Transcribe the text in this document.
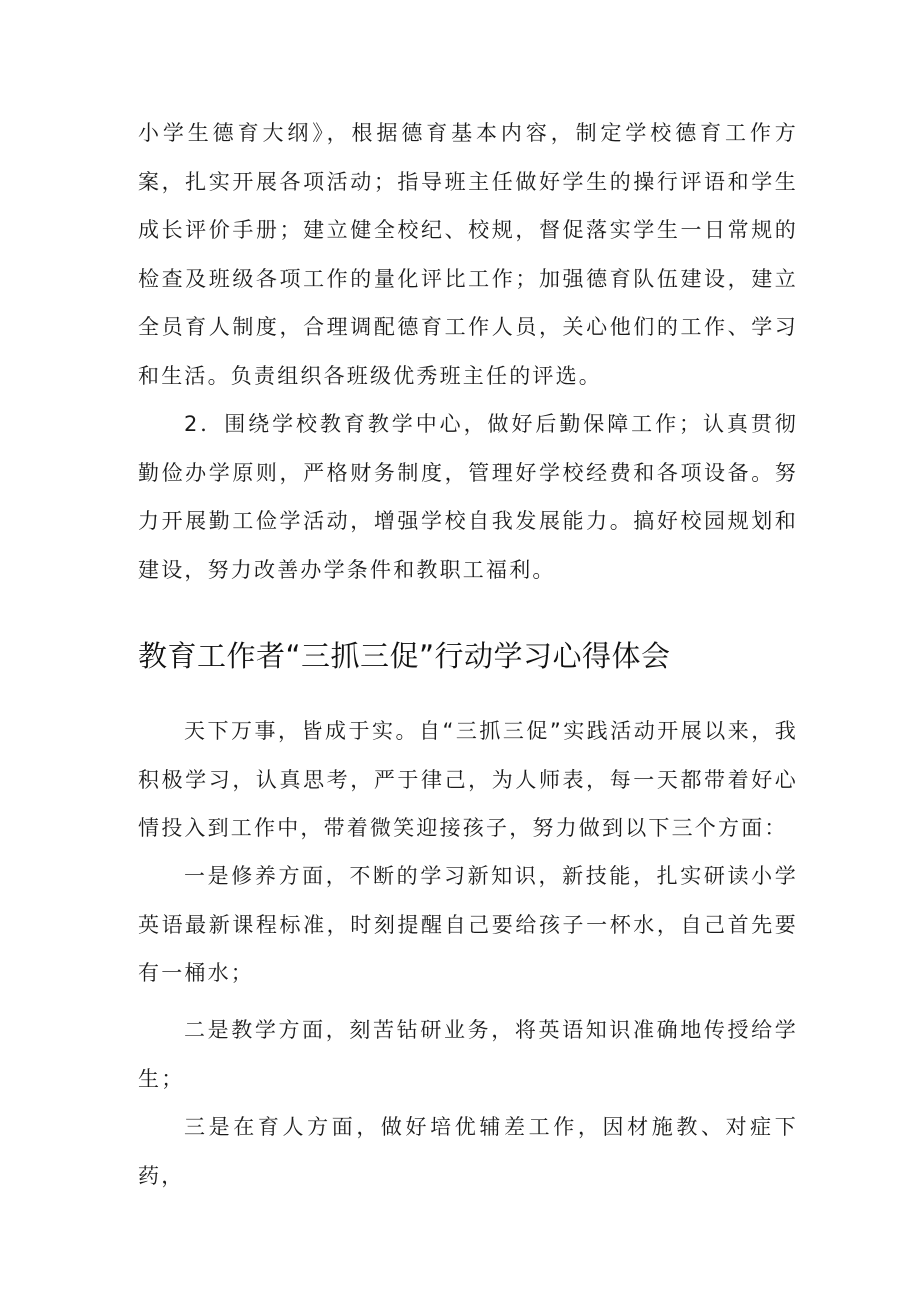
小学生德育大纲》，根据德育基本内容，制定学校德育工作方案，扎实开展各项活动；指导班主任做好学生的操行评语和学生成长评价手册；建立健全校纪、校规，督促落实学生一日常规的检查及班级各项工作的量化评比工作；加强德育队伍建设，建立全员育人制度，合理调配德育工作人员，关心他们的工作、学习和生活。负责组织各班级优秀班主任的评选。

2．围绕学校教育教学中心，做好后勤保障工作；认真贯彻勤俭办学原则，严格财务制度，管理好学校经费和各项设备。努力开展勤工俭学活动，增强学校自我发展能力。搞好校园规划和建设，努力改善办学条件和教职工福利。

教育工作者“三抓三促”行动学习心得体会

天下万事，皆成于实。自“三抓三促”实践活动开展以来，我积极学习，认真思考，严于律己，为人师表，每一天都带着好心情投入到工作中，带着微笑迎接孩子，努力做到以下三个方面：

一是修养方面，不断的学习新知识，新技能，扎实研读小学英语最新课程标准，时刻提醒自己要给孩子一杯水，自己首先要有一桶水；

二是教学方面，刻苦钻研业务，将英语知识准确地传授给学生；

三是在育人方面，做好培优辅差工作，因材施教、对症下药，
